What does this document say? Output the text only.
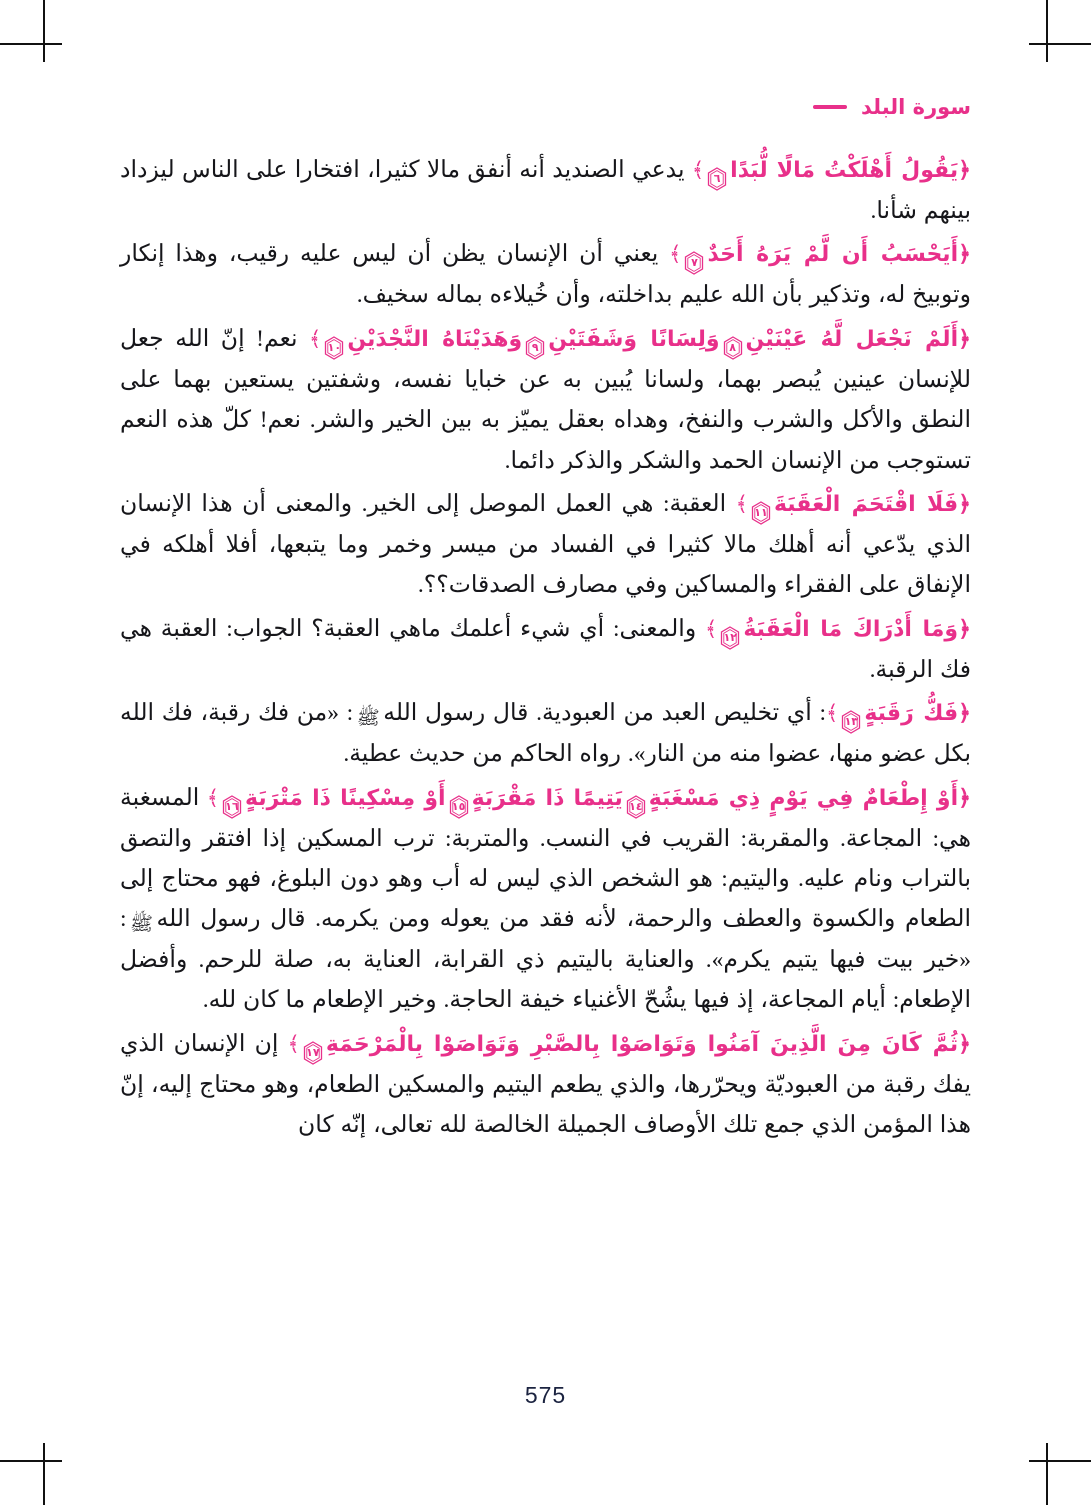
سورة البلد

﴿يَقُولُ أَهْلَكْتُ مَالًا لُّبَدًا
٦
﴾ يدعي الصنديد أنه أنفق مالا كثيرا، افتخارا على الناس ليزداد بينهم شأنا.

﴿أَيَحْسَبُ أَن لَّمْ يَرَهُ أَحَدٌ
٧
﴾ يعني أن الإنسان يظن أن ليس عليه رقيب، وهذا إنكار وتوبيخ له، وتذكير بأن الله عليم بداخلته، وأن خُيلاءه بماله سخيف.

﴿أَلَمْ نَجْعَل لَّهُ عَيْنَيْنِ
٨
وَلِسَانًا وَشَفَتَيْنِ
٩
وَهَدَيْنَاهُ النَّجْدَيْنِ
١٠
﴾ نعم! إنّ الله جعل للإنسان عينين يُبصر بهما، ولسانا يُبين به عن خبايا نفسه، وشفتين يستعين بهما على النطق والأكل والشرب والنفخ، وهداه بعقل يميّز به بين الخير والشر. نعم! كلّ هذه النعم تستوجب من الإنسان الحمد والشكر والذكر دائما.

﴿فَلَا اقْتَحَمَ الْعَقَبَةَ
١١
﴾ العقبة: هي العمل الموصل إلى الخير. والمعنى أن هذا الإنسان الذي يدّعي أنه أهلك مالا كثيرا في الفساد من ميسر وخمر وما يتبعها، أفلا أهلكه في الإنفاق على الفقراء والمساكين وفي مصارف الصدقات؟؟.

﴿وَمَا أَدْرَاكَ مَا الْعَقَبَةُ
١٢
﴾ والمعنى: أي شيء أعلمك ماهي العقبة؟ الجواب: العقبة هي فك الرقبة.

﴿فَكُّ رَقَبَةٍ
١٣
﴾: أي تخليص العبد من العبودية. قال رسول اللهﷺ: «من فك رقبة، فك الله بكل عضو منها، عضوا منه من النار». رواه الحاكم من حديث عطية.

﴿أَوْ إِطْعَامٌ فِي يَوْمٍ ذِي مَسْغَبَةٍ
١٤
يَتِيمًا ذَا مَقْرَبَةٍ
١٥
أَوْ مِسْكِينًا ذَا مَتْرَبَةٍ
١٦
﴾ المسغبة هي: المجاعة. والمقربة: القريب في النسب. والمتربة: ترب المسكين إذا افتقر والتصق بالتراب ونام عليه. واليتيم: هو الشخص الذي ليس له أب وهو دون البلوغ، فهو محتاج إلى الطعام والكسوة والعطف والرحمة، لأنه فقد من يعوله ومن يكرمه. قال رسول اللهﷺ: «خير بيت فيها يتيم يكرم». والعناية باليتيم ذي القرابة، العناية به، صلة للرحم. وأفضل الإطعام: أيام المجاعة، إذ فيها يشُحّ الأغنياء خيفة الحاجة. وخير الإطعام ما كان لله.

﴿ثُمَّ كَانَ مِنَ الَّذِينَ آمَنُوا وَتَوَاصَوْا بِالصَّبْرِ وَتَوَاصَوْا بِالْمَرْحَمَةِ
١٧
﴾ إن الإنسان الذي يفك رقبة من العبوديّة ويحرّرها، والذي يطعم اليتيم والمسكين الطعام، وهو محتاج إليه، إنّ هذا المؤمن الذي جمع تلك الأوصاف الجميلة الخالصة لله تعالى، إنّه كان

575
